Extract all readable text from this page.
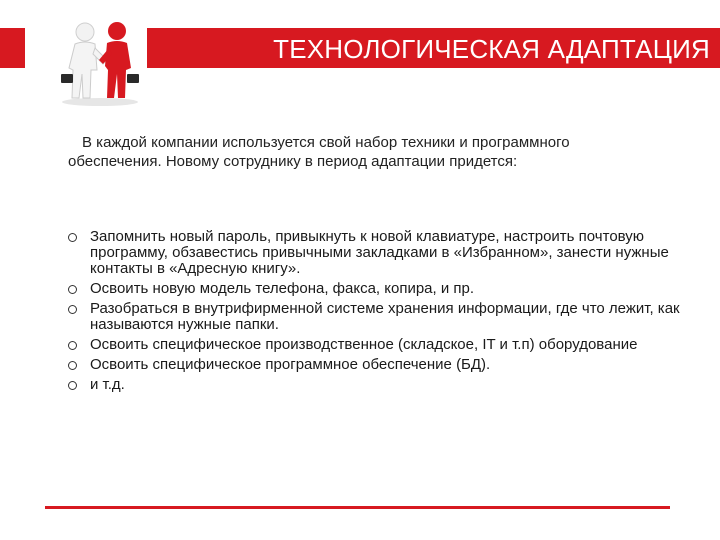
ТЕХНОЛОГИЧЕСКАЯ АДАПТАЦИЯ

В каждой компании используется свой набор техники и программного

обеспечения. Новому сотруднику в период адаптации придется:

Запомнить новый пароль, привыкнуть к новой клавиатуре, настроить почтовую программу, обзавестись привычными закладками в «Избранном», занести нужные контакты в «Адресную книгу».
Освоить новую модель телефона, факса, копира, и пр.
Разобраться в внутрифирменной системе хранения информации, где что лежит, как называются нужные папки.
Освоить специфическое производственное (складское, IT и т.п) оборудование
Освоить специфическое программное обеспечение (БД).
и т.д.
